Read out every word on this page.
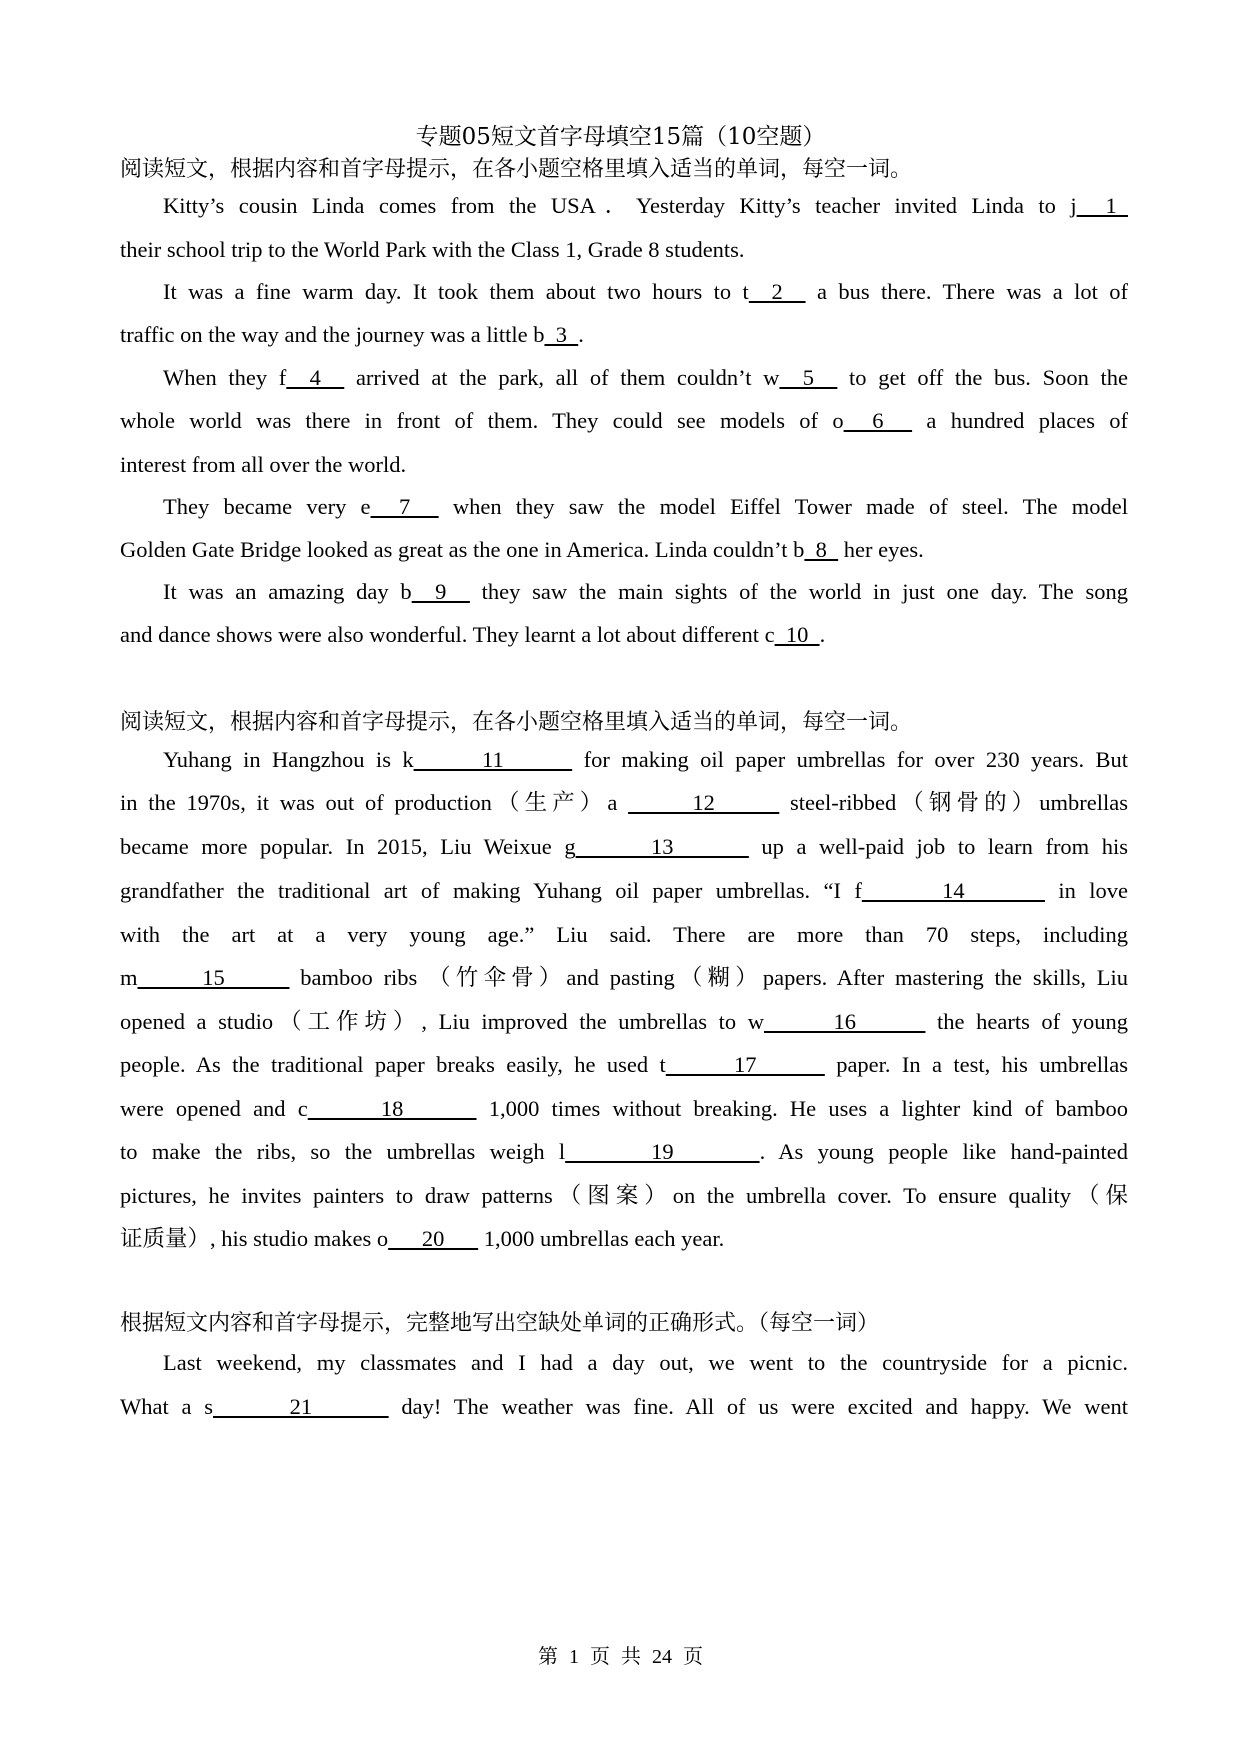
专题05短文首字母填空15篇（10空题）
阅读短文，根据内容和首字母提示，在各小题空格里填入适当的单词，每空一词。
Kitty’s cousin Linda comes from the USA．Yesterday Kitty’s teacher invited Linda to j  1
their school trip to the World Park with the Class 1, Grade 8 students.
It was a fine warm day. It took them about two hours to t  2   a bus there. There was a lot of
traffic on the way and the journey was a little b  3  .
When they f  4   arrived at the park, all of them couldn’t w  5   to get off the bus. Soon the
whole world was there in front of them. They could see models of o  6   a hundred places of
interest from all over the world.
They became very e  7   when they saw the model Eiffel Tower made of steel. The model
Golden Gate Bridge looked as great as the one in America. Linda couldn’t b  8   her eyes.
It was an amazing day b  9   they saw the main sights of the world in just one day. The song
and dance shows were also wonderful. They learnt a lot about different c  10  .
阅读短文，根据内容和首字母提示，在各小题空格里填入适当的单词，每空一词。
Yuhang in Hangzhou is k      11       for making oil paper umbrellas for over 230 years. But
in the 1970s, it was out of production（生产）a       12       steel-ribbed（钢骨的）umbrellas
became more popular. In 2015, Liu Weixue g      13       up a well-paid job to learn from his
grandfather the traditional art of making Yuhang oil paper umbrellas. “I f      14       in love
with the art at a very young age.” Liu said. There are more than 70 steps, including
m      15       bamboo ribs （竹伞骨）and pasting（糊）papers. After mastering the skills, Liu
opened a studio（工作坊）, Liu improved the umbrellas to w      16       the hearts of young
people. As the traditional paper breaks easily, he used t      17       paper. In a test, his umbrellas
were opened and c      18       1,000 times without breaking. He uses a lighter kind of bamboo
to make the ribs, so the umbrellas weigh l      19      . As young people like hand-painted
pictures, he invites painters to draw patterns（图案）on the umbrella cover. To ensure quality（保
证质量）, his studio makes o      20       1,000 umbrellas each year.
根据短文内容和首字母提示，完整地写出空缺处单词的正确形式。（每空一词）
Last weekend, my classmates and I had a day out, we went to the countryside for a picnic.
What a s      21       day! The weather was fine. All of us were excited and happy. We went
第 1 页 共 24 页
